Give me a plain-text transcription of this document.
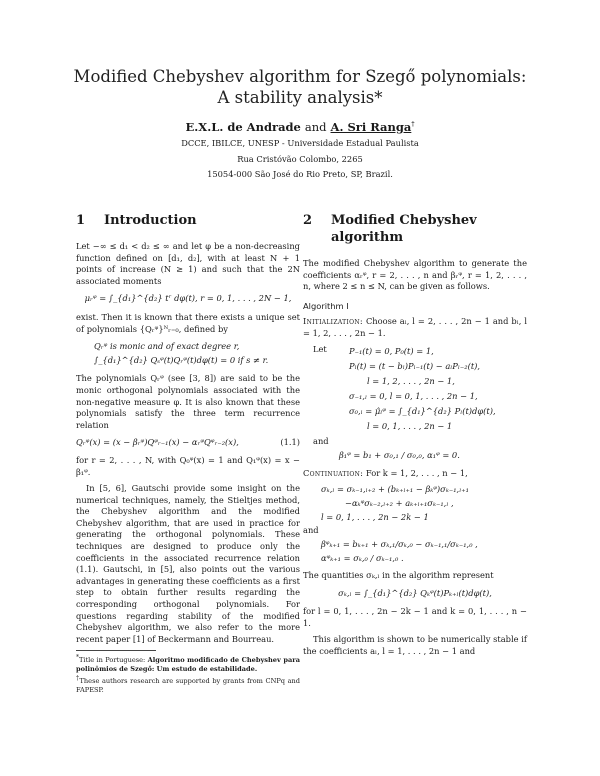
Modified Chebyshev algorithm for Szegő polynomials:
A stability analysis*
E.X.L. de Andrade and A. Sri Ranga†
DCCE, IBILCE, UNESP - Universidade Estadual Paulista
Rua Cristóvão Colombo, 2265
15054-000 São José do Rio Preto, SP, Brazil.
1	Introduction

Let −∞ ≤ d₁ < d₂ ≤ ∞ and let φ be a non-decreasing function defined on [d₁, d₂], with at least N + 1 points of increase (N ≥ 1) and such that the 2N associated moments

μᵣᵠ = ∫_{d₁}^{d₂} tʳ dφ(t), r = 0, 1, . . . , 2N − 1,

exist. Then it is known that there exists a unique set of polynomials {Qᵣᵠ}ᴺᵣ₌₀, defined by

Qᵣᵠ is monic and of exact degree r,
∫_{d₁}^{d₂} Qₛᵠ(t)Qᵣᵠ(t)dφ(t) = 0 if s ≠ r.

The polynomials Qᵣᵠ (see [3, 8]) are said to be the monic orthogonal polynomials associated with the non-negative measure φ. It is also known that these polynomials satisfy the three term recurrence relation

Qᵣᵠ(x) = (x − βᵣᵠ)Qᵠᵣ₋₁(x) − αᵣᵠQᵠᵣ₋₂(x),	(1.1)

for r = 2, . . . , N, with Q₀ᵠ(x) = 1 and Q₁ᵠ(x) = x − β₁ᵠ.

In [5, 6], Gautschi provide some insight on the numerical techniques, namely, the Stieltjes method, the Chebyshev algorithm and the modified Chebyshev algorithm, that are used in practice for generating the orthogonal polynomials. These techniques are designed to produce only the coefficients in the associated recurrence relation (1.1). Gautschi, in [5], also points out the various advantages in generating these coefficients as a first step to obtain further results regarding the corresponding orthogonal polynomials. For questions regarding stability of the modified Chebyshev algorithm, we also refer to the more recent paper [1] of Beckermann and Bourreau.

*Title in Portuguese: Algoritmo modificado de Chebyshev para polinômios de Szegő: Um estudo de estabilidade.
†These authors research are supported by grants from CNPq and FAPESP.
2	Modified Chebyshev algorithm

The modified Chebyshev algorithm to generate the coefficients αᵣᵠ, r = 2, . . . , n and βᵣᵠ, r = 1, 2, . . . , n, where 2 ≤ n ≤ N, can be given as follows.

Algorithm I

Initialization: Choose aₗ, l = 2, . . . , 2n − 1 and bₗ, l = 1, 2, . . . , 2n − 1.

Let	P₋₁(t) = 0, P₀(t) = 1,
Pₗ(t) = (t − bₗ)Pₗ₋₁(t) − aₗPₗ₋₂(t),
l = 1, 2, . . . , 2n − 1,
σ₋₁,ₗ = 0, l = 0, 1, . . . , 2n − 1,
σ₀,ₗ = μ̂ₗᵠ = ∫_{d₁}^{d₂} Pₗ(t)dφ(t),
l = 0, 1, . . . , 2n − 1
and
β₁ᵠ = b₁ + σ₀,₁ / σ₀,₀, α₁ᵠ = 0.

Continuation: For k = 1, 2, . . . , n − 1,

σₖ,ₗ = σₖ₋₁,ₗ₊₂ + (bₖ₊ₗ₊₁ − βₖᵠ)σₖ₋₁,ₗ₊₁
−αₖᵠσₖ₋₂,ₗ₊₂ + aₖ₊ₗ₊₁σₖ₋₁,ₗ ,
l = 0, 1, . . . , 2n − 2k − 1
and
βᵠₖ₊₁ = bₖ₊₁ + σₖ,₁/σₖ,₀ − σₖ₋₁,₁/σₖ₋₁,₀ ,
αᵠₖ₊₁ = σₖ,₀ / σₖ₋₁,₀ .

The quantities σₖ,ₗ in the algorithm represent

σₖ,ₗ = ∫_{d₁}^{d₂} Qₖᵠ(t)Pₖ₊ₗ(t)dφ(t),

for l = 0, 1, . . . , 2n − 2k − 1 and k = 0, 1, . . . , n − 1.

This algorithm is shown to be numerically stable if the coefficients aₗ, l = 1, . . . , 2n − 1 and
